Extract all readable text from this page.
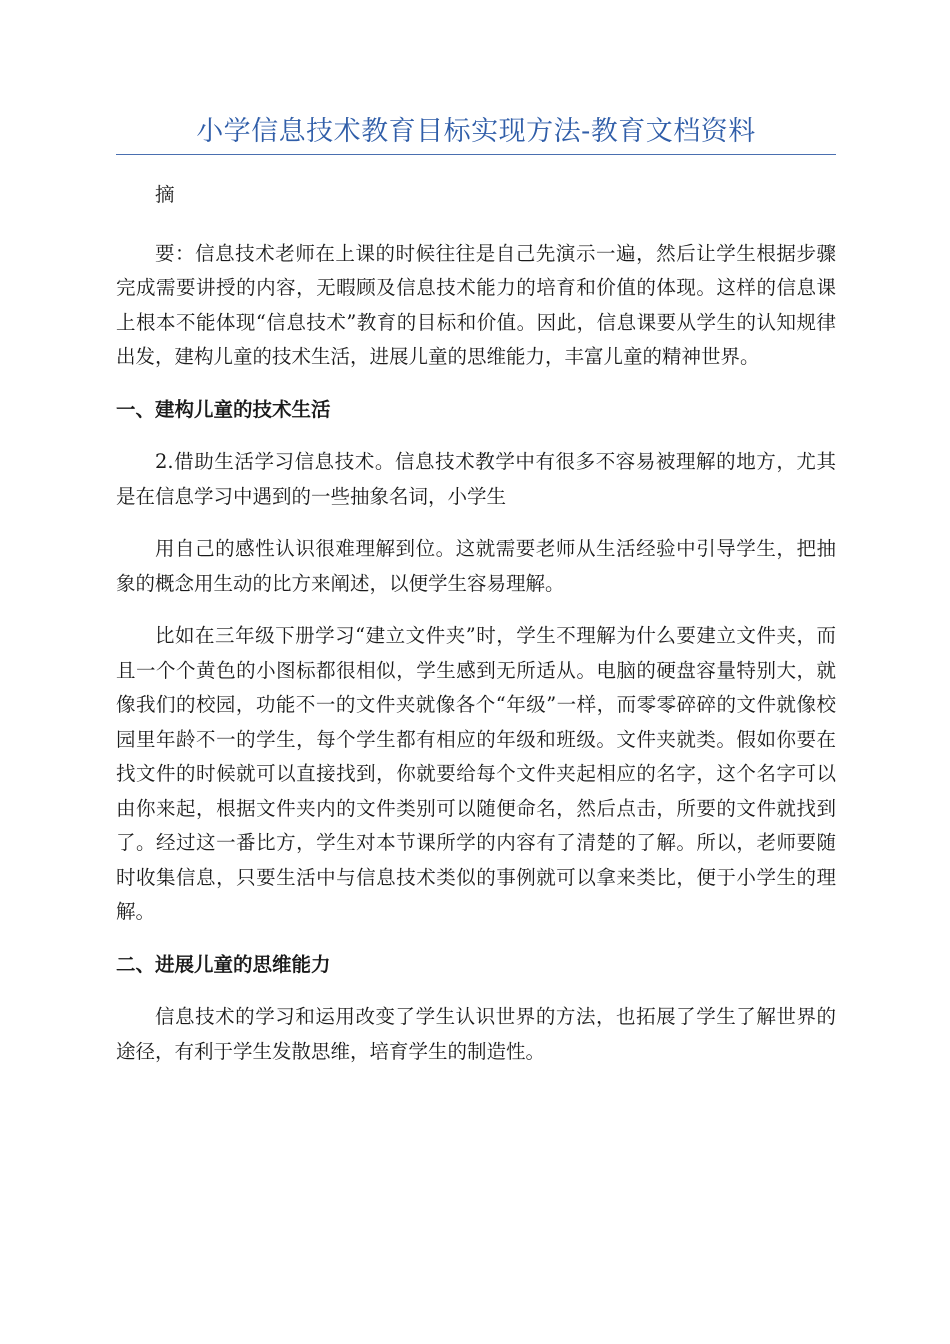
小学信息技术教育目标实现方法-教育文档资料

摘

要：信息技术老师在上课的时候往往是自己先演示一遍，然后让学生根据步骤完成需要讲授的内容，无暇顾及信息技术能力的培育和价值的体现。这样的信息课上根本不能体现“信息技术”教育的目标和价值。因此，信息课要从学生的认知规律出发，建构儿童的技术生活，进展儿童的思维能力，丰富儿童的精神世界。

一、建构儿童的技术生活

2.借助生活学习信息技术。信息技术教学中有很多不容易被理解的地方，尤其是在信息学习中遇到的一些抽象名词，小学生

用自己的感性认识很难理解到位。这就需要老师从生活经验中引导学生，把抽象的概念用生动的比方来阐述，以便学生容易理解。

比如在三年级下册学习“建立文件夹”时，学生不理解为什么要建立文件夹，而且一个个黄色的小图标都很相似，学生感到无所适从。电脑的硬盘容量特别大，就像我们的校园，功能不一的文件夹就像各个“年级”一样，而零零碎碎的文件就像校园里年龄不一的学生，每个学生都有相应的年级和班级。文件夹就类。假如你要在找文件的时候就可以直接找到，你就要给每个文件夹起相应的名字，这个名字可以由你来起，根据文件夹内的文件类别可以随便命名，然后点击，所要的文件就找到了。经过这一番比方，学生对本节课所学的内容有了清楚的了解。所以，老师要随时收集信息，只要生活中与信息技术类似的事例就可以拿来类比，便于小学生的理解。

二、进展儿童的思维能力

信息技术的学习和运用改变了学生认识世界的方法，也拓展了学生了解世界的途径，有利于学生发散思维，培育学生的制造性。
